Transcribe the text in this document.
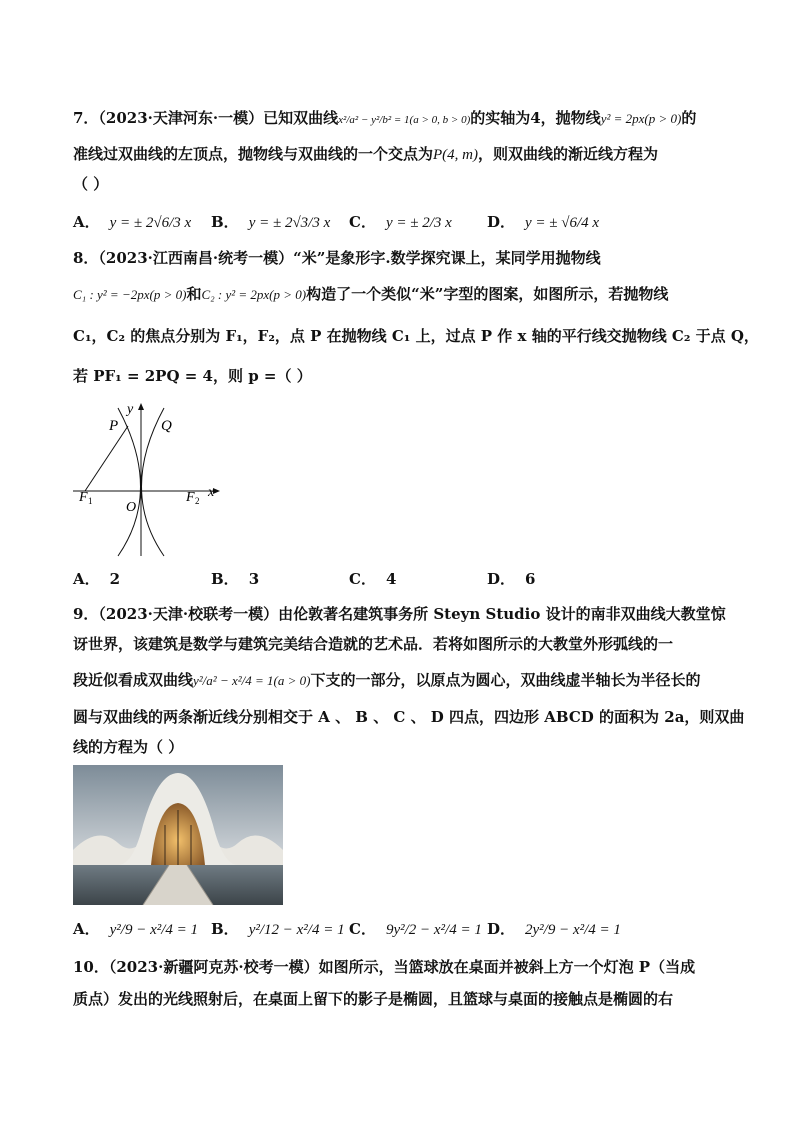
7．（2023·天津河东·一模）已知双曲线x²/a² − y²/b² = 1(a > 0, b > 0)的实轴为4，抛物线y² = 2px(p > 0)的
准线过双曲线的左顶点，抛物线与双曲线的一个交点为P(4, m)，则双曲线的渐近线方程为
（ ）
A． y = ± 2√6/3 x B． y = ± 2√3/3 x C． y = ± 2/3 x D． y = ± √6/4 x
8．（2023·江西南昌·统考一模）“米”是象形字.数学探究课上，某同学用抛物线
C₁ : y² = −2px(p > 0)和C₂ : y² = 2px(p > 0)构造了一个类似“米”字型的图案，如图所示，若抛物线
C₁，C₂ 的焦点分别为 F₁，F₂，点 P 在抛物线 C₁ 上，过点 P 作 x 轴的平行线交抛物线 C₂ 于点 Q，
若 PF₁ = 2PQ = 4，则 p =（ ）
y
P	Q
F 1	F 2
x
O
A． 2	B． 3	C． 4	D． 6
9．（2023·天津·校联考一模）由伦敦著名建筑事务所 Steyn Studio 设计的南非双曲线大教堂惊
讶世界，该建筑是数学与建筑完美结合造就的艺术品．若将如图所示的大教堂外形弧线的一
段近似看成双曲线y²/a² − x²/4 = 1(a > 0)下支的一部分，以原点为圆心，双曲线虚半轴长为半径长的
圆与双曲线的两条渐近线分别相交于 A 、 B 、 C 、 D 四点，四边形 ABCD 的面积为 2a，则双曲
线的方程为（ ）
A． y²/9 − x²/4 = 1 B． y²/12 − x²/4 = 1 C． 9y²/2 − x²/4 = 1 D． 2y²/9 − x²/4 = 1
10．（2023·新疆阿克苏·校考一模）如图所示，当篮球放在桌面并被斜上方一个灯泡 P（当成
质点）发出的光线照射后，在桌面上留下的影子是椭圆，且篮球与桌面的接触点是椭圆的右
